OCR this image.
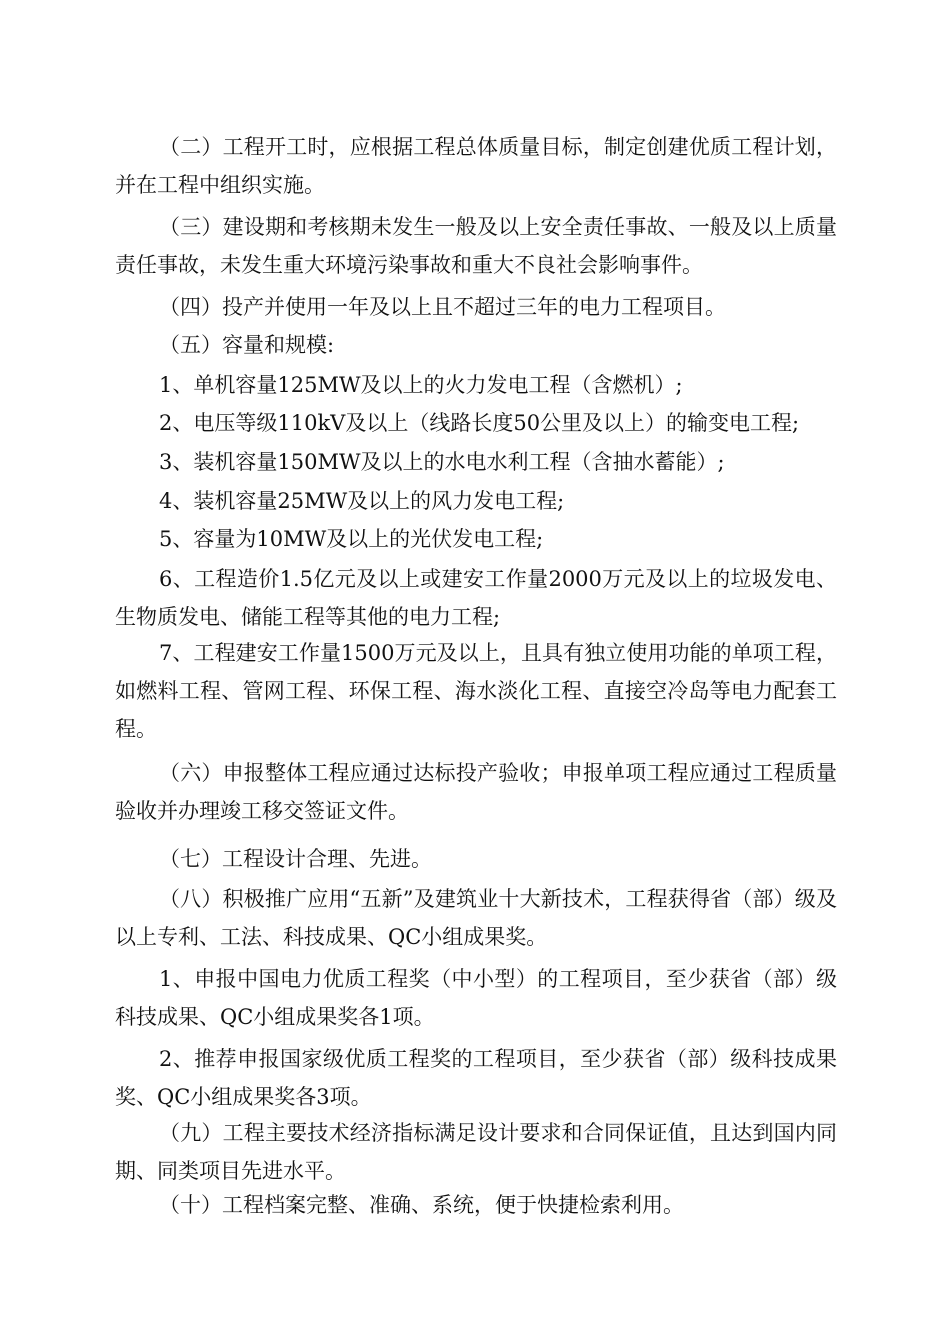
（二）工程开工时，应根据工程总体质量目标，制定创建优质工程计划，并在工程中组织实施。

（三）建设期和考核期未发生一般及以上安全责任事故、一般及以上质量责任事故，未发生重大环境污染事故和重大不良社会影响事件。

（四）投产并使用一年及以上且不超过三年的电力工程项目。

（五）容量和规模:

1、单机容量125MW及以上的火力发电工程（含燃机）;

2、电压等级110kV及以上（线路长度50公里及以上）的输变电工程;

3、装机容量150MW及以上的水电水利工程（含抽水蓄能）;

4、装机容量25MW及以上的风力发电工程;

5、容量为10MW及以上的光伏发电工程;

6、工程造价1.5亿元及以上或建安工作量2000万元及以上的垃圾发电、生物质发电、储能工程等其他的电力工程;

7、工程建安工作量1500万元及以上，且具有独立使用功能的单项工程，如燃料工程、管网工程、环保工程、海水淡化工程、直接空冷岛等电力配套工程。

（六）申报整体工程应通过达标投产验收；申报单项工程应通过工程质量验收并办理竣工移交签证文件。

（七）工程设计合理、先进。

（八）积极推广应用“五新”及建筑业十大新技术，工程获得省（部）级及以上专利、工法、科技成果、QC小组成果奖。

1、申报中国电力优质工程奖（中小型）的工程项目，至少获省（部）级科技成果、QC小组成果奖各1项。

2、推荐申报国家级优质工程奖的工程项目，至少获省（部）级科技成果奖、QC小组成果奖各3项。

（九）工程主要技术经济指标满足设计要求和合同保证值，且达到国内同期、同类项目先进水平。

（十）工程档案完整、准确、系统，便于快捷检索利用。
